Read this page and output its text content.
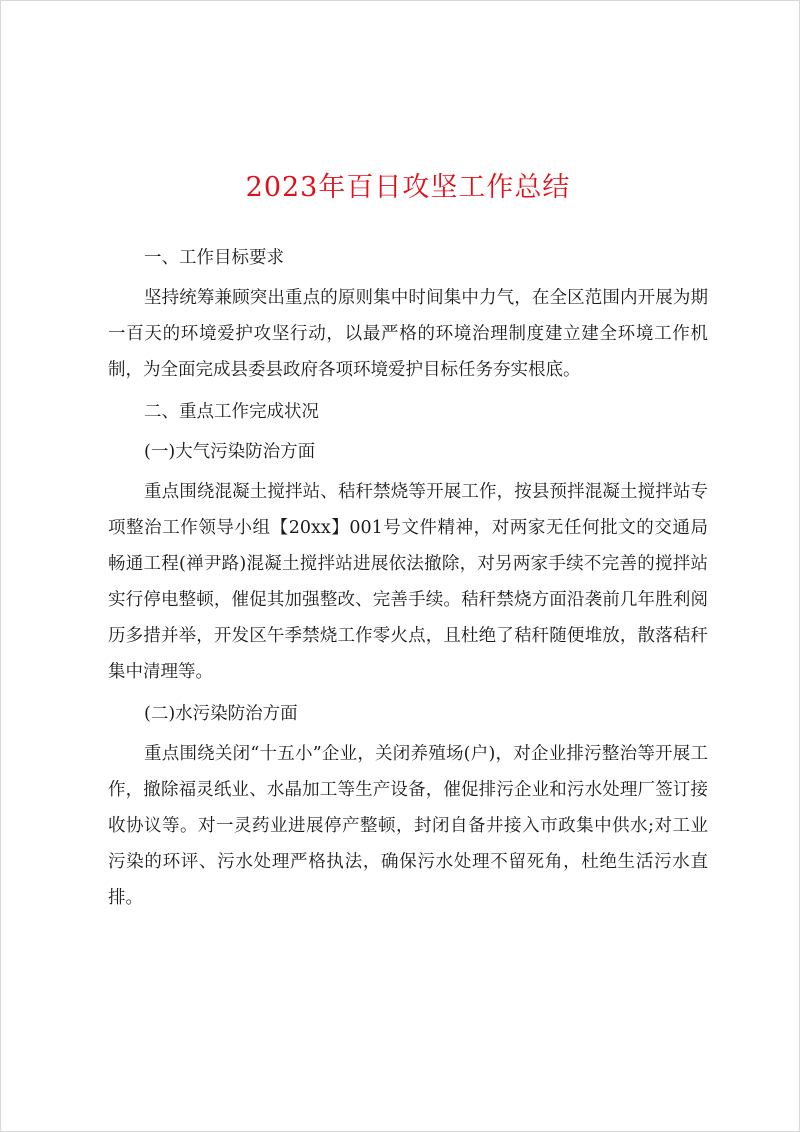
2023年百日攻坚工作总结

一、工作目标要求

坚持统筹兼顾突出重点的原则集中时间集中力气，在全区范围内开展为期一百天的环境爱护攻坚行动，以最严格的环境治理制度建立建全环境工作机制，为全面完成县委县政府各项环境爱护目标任务夯实根底。

二、重点工作完成状况

(一)大气污染防治方面

重点围绕混凝土搅拌站、秸秆禁烧等开展工作，按县预拌混凝土搅拌站专项整治工作领导小组【20xx】001号文件精神，对两家无任何批文的交通局畅通工程(禅尹路)混凝土搅拌站进展依法撤除，对另两家手续不完善的搅拌站实行停电整顿，催促其加强整改、完善手续。秸秆禁烧方面沿袭前几年胜利阅历多措并举，开发区午季禁烧工作零火点，且杜绝了秸秆随便堆放，散落秸秆集中清理等。

(二)水污染防治方面

重点围绕关闭“十五小”企业，关闭养殖场(户)，对企业排污整治等开展工作，撤除福灵纸业、水晶加工等生产设备，催促排污企业和污水处理厂签订接收协议等。对一灵药业进展停产整顿，封闭自备井接入市政集中供水;对工业污染的环评、污水处理严格执法，确保污水处理不留死角，杜绝生活污水直排。
